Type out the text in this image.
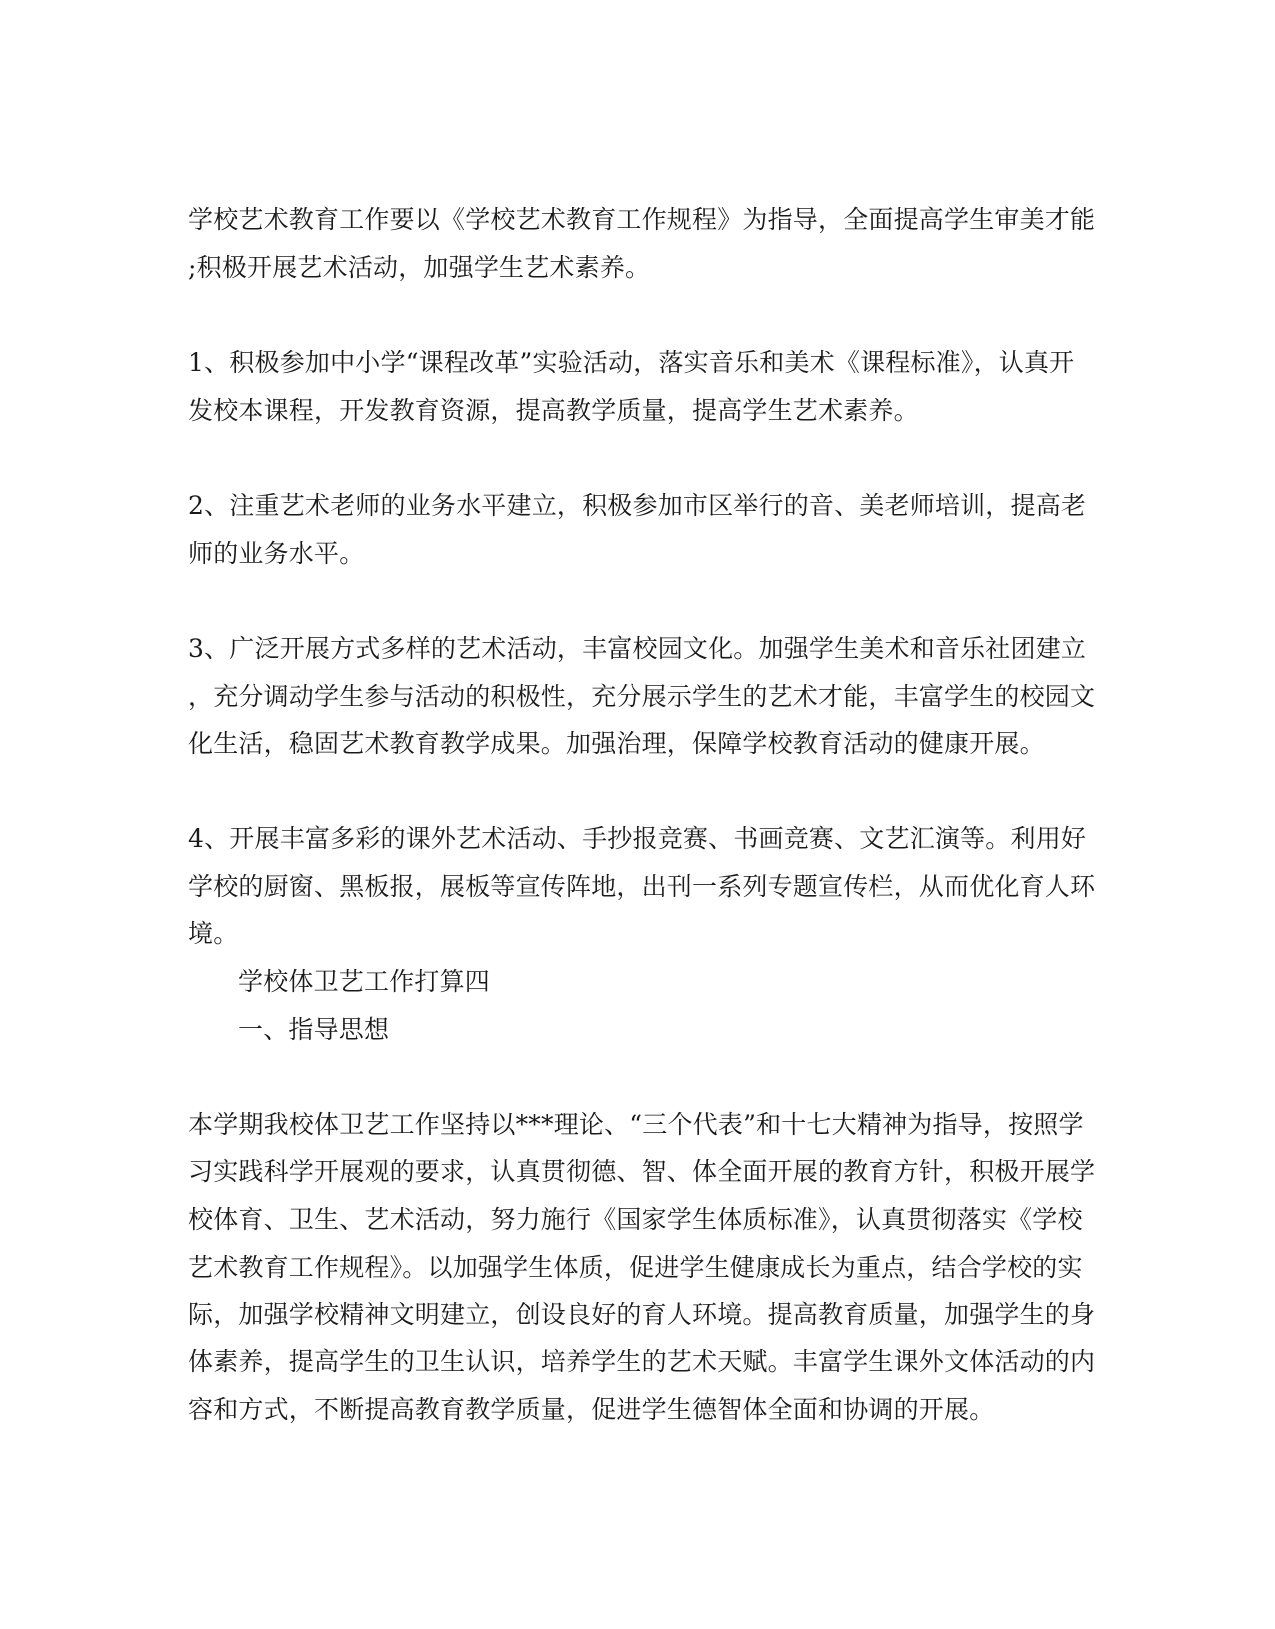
学校艺术教育工作要以《学校艺术教育工作规程》为指导，全面提高学生审美才能
;积极开展艺术活动，加强学生艺术素养。
1、积极参加中小学“课程改革”实验活动，落实音乐和美术《课程标准》，认真开
发校本课程，开发教育资源，提高教学质量，提高学生艺术素养。
2、注重艺术老师的业务水平建立，积极参加市区举行的音、美老师培训，提高老
师的业务水平。
3、广泛开展方式多样的艺术活动，丰富校园文化。加强学生美术和音乐社团建立
，充分调动学生参与活动的积极性，充分展示学生的艺术才能，丰富学生的校园文
化生活，稳固艺术教育教学成果。加强治理，保障学校教育活动的健康开展。
4、开展丰富多彩的课外艺术活动、手抄报竞赛、书画竞赛、文艺汇演等。利用好
学校的厨窗、黑板报，展板等宣传阵地，出刊一系列专题宣传栏，从而优化育人环
境。
学校体卫艺工作打算四
一、指导思想
本学期我校体卫艺工作坚持以***理论、“三个代表”和十七大精神为指导，按照学
习实践科学开展观的要求，认真贯彻德、智、体全面开展的教育方针，积极开展学
校体育、卫生、艺术活动，努力施行《国家学生体质标准》，认真贯彻落实《学校
艺术教育工作规程》。以加强学生体质，促进学生健康成长为重点，结合学校的实
际，加强学校精神文明建立，创设良好的育人环境。提高教育质量，加强学生的身
体素养，提高学生的卫生认识，培养学生的艺术天赋。丰富学生课外文体活动的内
容和方式，不断提高教育教学质量，促进学生德智体全面和协调的开展。
